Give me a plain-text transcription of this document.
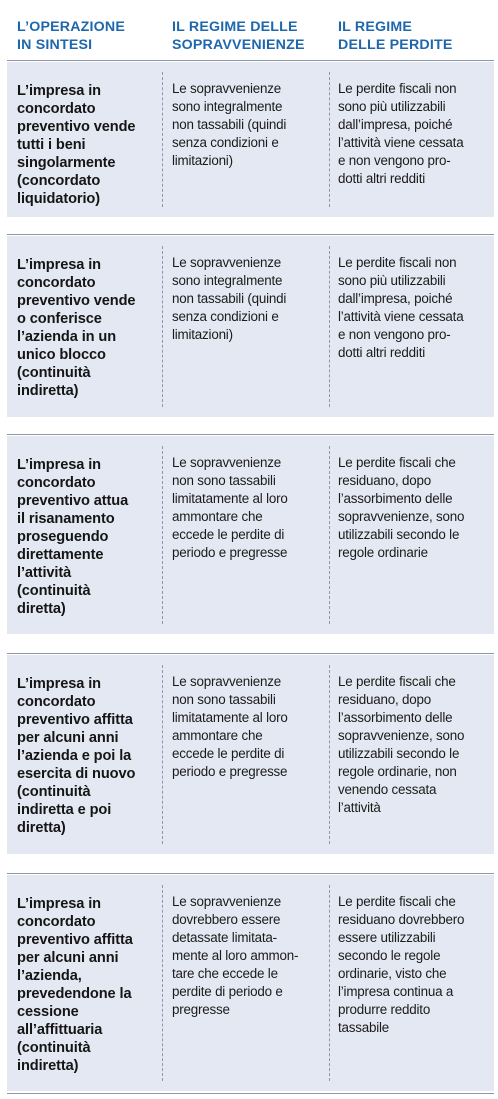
L’OPERAZIONE
IN SINTESI
IL REGIME DELLE
SOPRAVVENIENZE
IL REGIME
DELLE PERDITE
L’impresa in
concordato
preventivo vende
tutti i beni
singolarmente
(concordato
liquidatorio)
Le sopravvenienze
sono integralmente
non tassabili (quindi
senza condizioni e
limitazioni)
Le perdite fiscali non
sono più utilizzabili
dall’impresa, poiché
l’attività viene cessata
e non vengono pro-
dotti altri redditi
L’impresa in
concordato
preventivo vende
o conferisce
l’azienda in un
unico blocco
(continuità
indiretta)
Le sopravvenienze
sono integralmente
non tassabili (quindi
senza condizioni e
limitazioni)
Le perdite fiscali non
sono più utilizzabili
dall’impresa, poiché
l’attività viene cessata
e non vengono pro-
dotti altri redditi
L’impresa in
concordato
preventivo attua
il risanamento
proseguendo
direttamente
l’attività
(continuità
diretta)
Le sopravvenienze
non sono tassabili
limitatamente al loro
ammontare che
eccede le perdite di
periodo e pregresse
Le perdite fiscali che
residuano, dopo
l’assorbimento delle
sopravvenienze, sono
utilizzabili secondo le
regole ordinarie
L’impresa in
concordato
preventivo affitta
per alcuni anni
l’azienda e poi la
esercita di nuovo
(continuità
indiretta e poi
diretta)
Le sopravvenienze
non sono tassabili
limitatamente al loro
ammontare che
eccede le perdite di
periodo e pregresse
Le perdite fiscali che
residuano, dopo
l’assorbimento delle
sopravvenienze, sono
utilizzabili secondo le
regole ordinarie, non
venendo cessata
l’attività
L’impresa in
concordato
preventivo affitta
per alcuni anni
l’azienda,
prevedendone la
cessione
all’affittuaria
(continuità
indiretta)
Le sopravvenienze
dovrebbero essere
detassate limitata-
mente al loro ammon-
tare che eccede le
perdite di periodo e
pregresse
Le perdite fiscali che
residuano dovrebbero
essere utilizzabili
secondo le regole
ordinarie, visto che
l’impresa continua a
produrre reddito
tassabile
